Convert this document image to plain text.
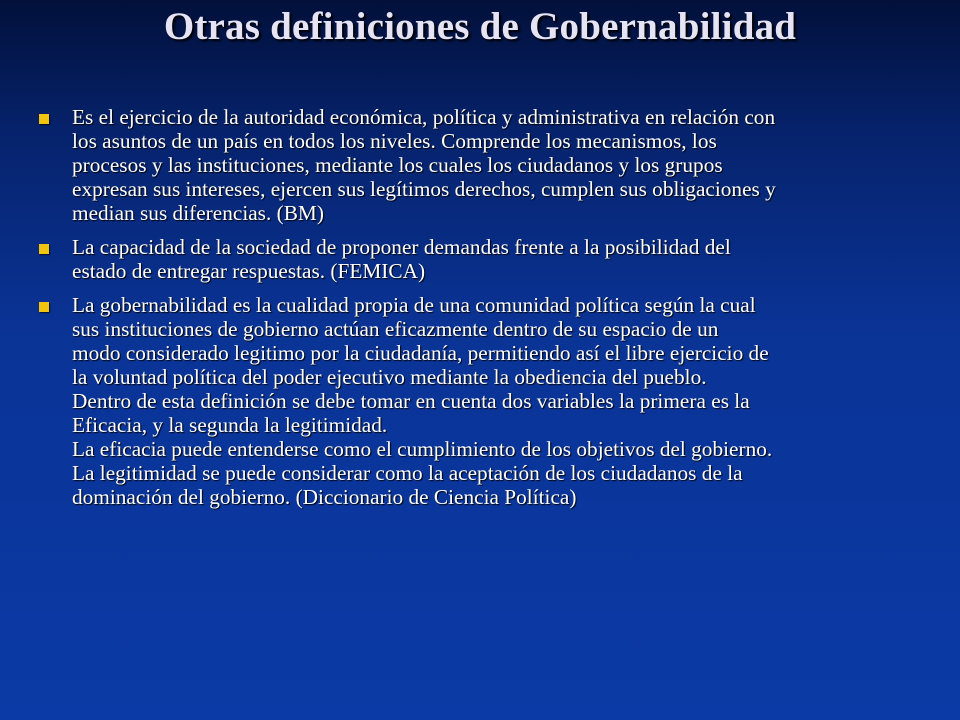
Otras definiciones de Gobernabilidad
Es el ejercicio de la autoridad económica, política y administrativa en relación con
los asuntos de un país en todos los niveles. Comprende los mecanismos, los
procesos y las instituciones, mediante los cuales los ciudadanos y los grupos
expresan sus intereses, ejercen sus legítimos derechos, cumplen sus obligaciones y
median sus diferencias. (BM)
La capacidad de la sociedad de proponer demandas frente a la posibilidad del
estado de entregar respuestas. (FEMICA)
La gobernabilidad es la cualidad propia de una comunidad política según la cual
sus instituciones de gobierno actúan eficazmente dentro de su espacio de un
modo considerado legitimo por la ciudadanía, permitiendo así el libre ejercicio de
la voluntad política del poder ejecutivo mediante la obediencia del pueblo.
Dentro de esta definición se debe tomar en cuenta dos variables la primera es la
Eficacia, y la segunda la legitimidad.
La eficacia puede entenderse como el cumplimiento de los objetivos del gobierno.
La legitimidad se puede considerar como la aceptación de los ciudadanos de la
dominación del gobierno. (Diccionario de Ciencia Política)
